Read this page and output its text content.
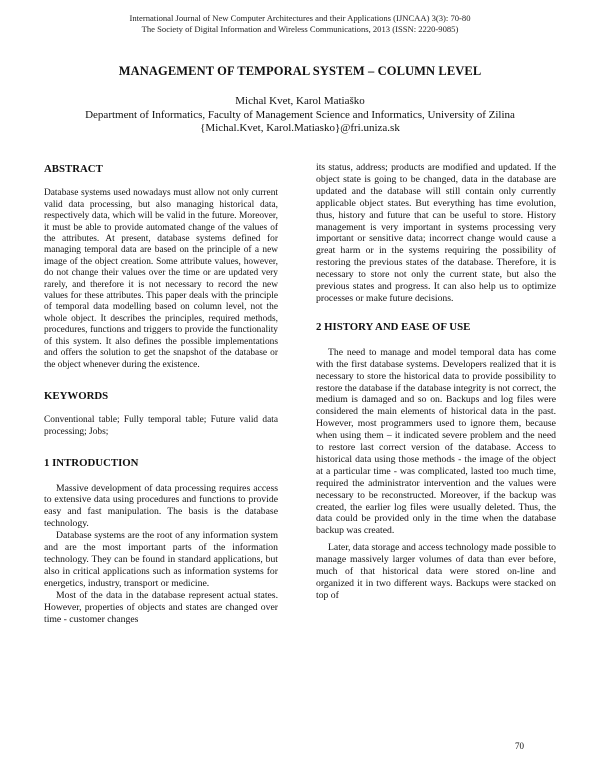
International Journal of New Computer Architectures and their Applications (IJNCAA) 3(3): 70-80
The Society of Digital Information and Wireless Communications, 2013 (ISSN: 2220-9085)
MANAGEMENT OF TEMPORAL SYSTEM – COLUMN LEVEL
Michal Kvet, Karol Matiaško
Department of Informatics, Faculty of Management Science and Informatics, University of Zilina
{Michal.Kvet, Karol.Matiasko}@fri.uniza.sk
ABSTRACT

Database systems used nowadays must allow not only current valid data processing, but also managing historical data, respectively data, which will be valid in the future. Moreover, it must be able to provide automated change of the values of the attributes. At present, database systems defined for managing temporal data are based on the principle of a new image of the object creation. Some attribute values, however, do not change their values over the time or are updated very rarely, and therefore it is not necessary to record the new values for these attributes. This paper deals with the principle of temporal data modelling based on column level, not the whole object. It describes the principles, required methods, procedures, functions and triggers to provide the functionality of this system. It also defines the possible implementations and offers the solution to get the snapshot of the database or the object whenever during the existence.

KEYWORDS

Conventional table; Fully temporal table; Future valid data processing; Jobs;

1 INTRODUCTION

Massive development of data processing requires access to extensive data using procedures and functions to provide easy and fast manipulation. The basis is the database technology.

Database systems are the root of any information system and are the most important parts of the information technology. They can be found in standard applications, but also in critical applications such as information systems for energetics, industry, transport or medicine.

Most of the data in the database represent actual states. However, properties of objects and states are changed over time - customer changes

its status, address; products are modified and updated. If the object state is going to be changed, data in the database are updated and the database will still contain only currently applicable object states. But everything has time evolution, thus, history and future that can be useful to store. History management is very important in systems processing very important or sensitive data; incorrect change would cause a great harm or in the systems requiring the possibility of restoring the previous states of the database. Therefore, it is necessary to store not only the current state, but also the previous states and progress. It can also help us to optimize processes or make future decisions.

2 HISTORY AND EASE OF USE

The need to manage and model temporal data has come with the first database systems. Developers realized that it is necessary to store the historical data to provide possibility to restore the database if the database integrity is not correct, the medium is damaged and so on. Backups and log files were considered the main elements of historical data in the past. However, most programmers used to ignore them, because when using them – it indicated severe problem and the need to restore last correct version of the database. Access to historical data using those methods - the image of the object at a particular time - was complicated, lasted too much time, required the administrator intervention and the values were necessary to be reconstructed. Moreover, if the backup was created, the earlier log files were usually deleted. Thus, the data could be provided only in the time when the database backup was created.

Later, data storage and access technology made possible to manage massively larger volumes of data than ever before, much of that historical data were stored on-line and organized it in two different ways. Backups were stacked on top of

70
